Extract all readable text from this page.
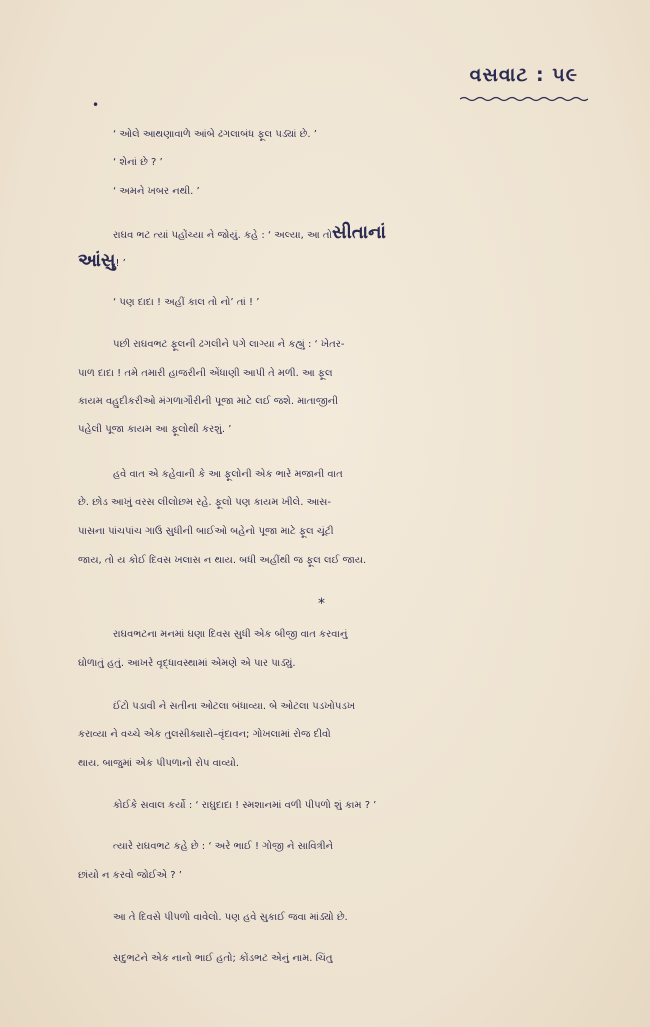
વસવાટ : ૫૯
•
‘ ઓલે આથણાવાળે આંબે ઢગલાબંધ ફૂલ પડ્યાં છે. ’
‘ શેનાં છે ? ’
‘ અમને ખબર નથી. ’
રાઘવ ભટ ત્યાં પહોંચ્યા ને જોયું. કહે : ‘ અલ્યા, આ તોસીતાનાં
આંસુ! ’
‘ પણ દાદા ! અહીં કાલ તો નો’ તાં ! ’
પછી રાઘવભટ ફૂલની ઢગલીને પગે લાગ્યા ને કહ્યું : ‘ ખેતર-
પાળ દાદા ! તમે તમારી હાજરીની એંધાણી આપી તે મળી. આ ફૂલ
કાયમ વહુદીકરીઓ મંગળાગૌરીની પૂજા માટે લઈ જશે. માતાજીની
પહેલી પૂજા કાયમ આ ફૂલોથી કરશું. ’
હવે વાત એ કહેવાની કે આ ફૂલોની એક ભારે મજાની વાત
છે. છોડ આખું વરસ લીલોછમ રહે. ફૂલો પણ કાયમ ખીલે. આસ-
પાસના પાંચપાંચ ગાઉ સુધીની બાઈઓ બહેનો પૂજા માટે ફૂલ ચૂંટી
જાય, તો ય કોઈ દિવસ ખલાસ ન થાય. બધી અહીંથી જ ફૂલ લઈ જાય.
*
રાઘવભટના મનમાં ઘણા દિવસ સુધી એક બીજી વાત કરવાનું
ઘોળાતું હતું. આખરે વૃદ્ધાવસ્થામાં એમણે એ પાર પાડ્યું.
ઈંટો પડાવી ને સતીના ઓટલા બંધાવ્યા. બે ઓટલા પડખોપડખ
કરાવ્યા ને વચ્ચે એક તુલસીક્યારો–વૃંદાવન; ગોખલામાં રોજ દીવો
થાય. બાજુમાં એક પીપળાનો રોપ વાવ્યો.
કોઈકે સવાલ કર્યો : ‘ રાઘુદાદા ! સ્મશાનમાં વળી પીપળો શું કામ ? ’
ત્યારે રાઘવભટ કહે છે : ‘ અરે ભાઈ ! ગોજી ને સાવિત્રીને
છાંયો ન કરવો જોઈએ ? ’
આ તે દિવસે પીપળો વાવેલો. પણ હવે સુકાઈ જવા માંડ્યો છે.
સદુભટને એક નાનો ભાઈ હતો; કોંડભટ એનું નામ. ચિંતુ
